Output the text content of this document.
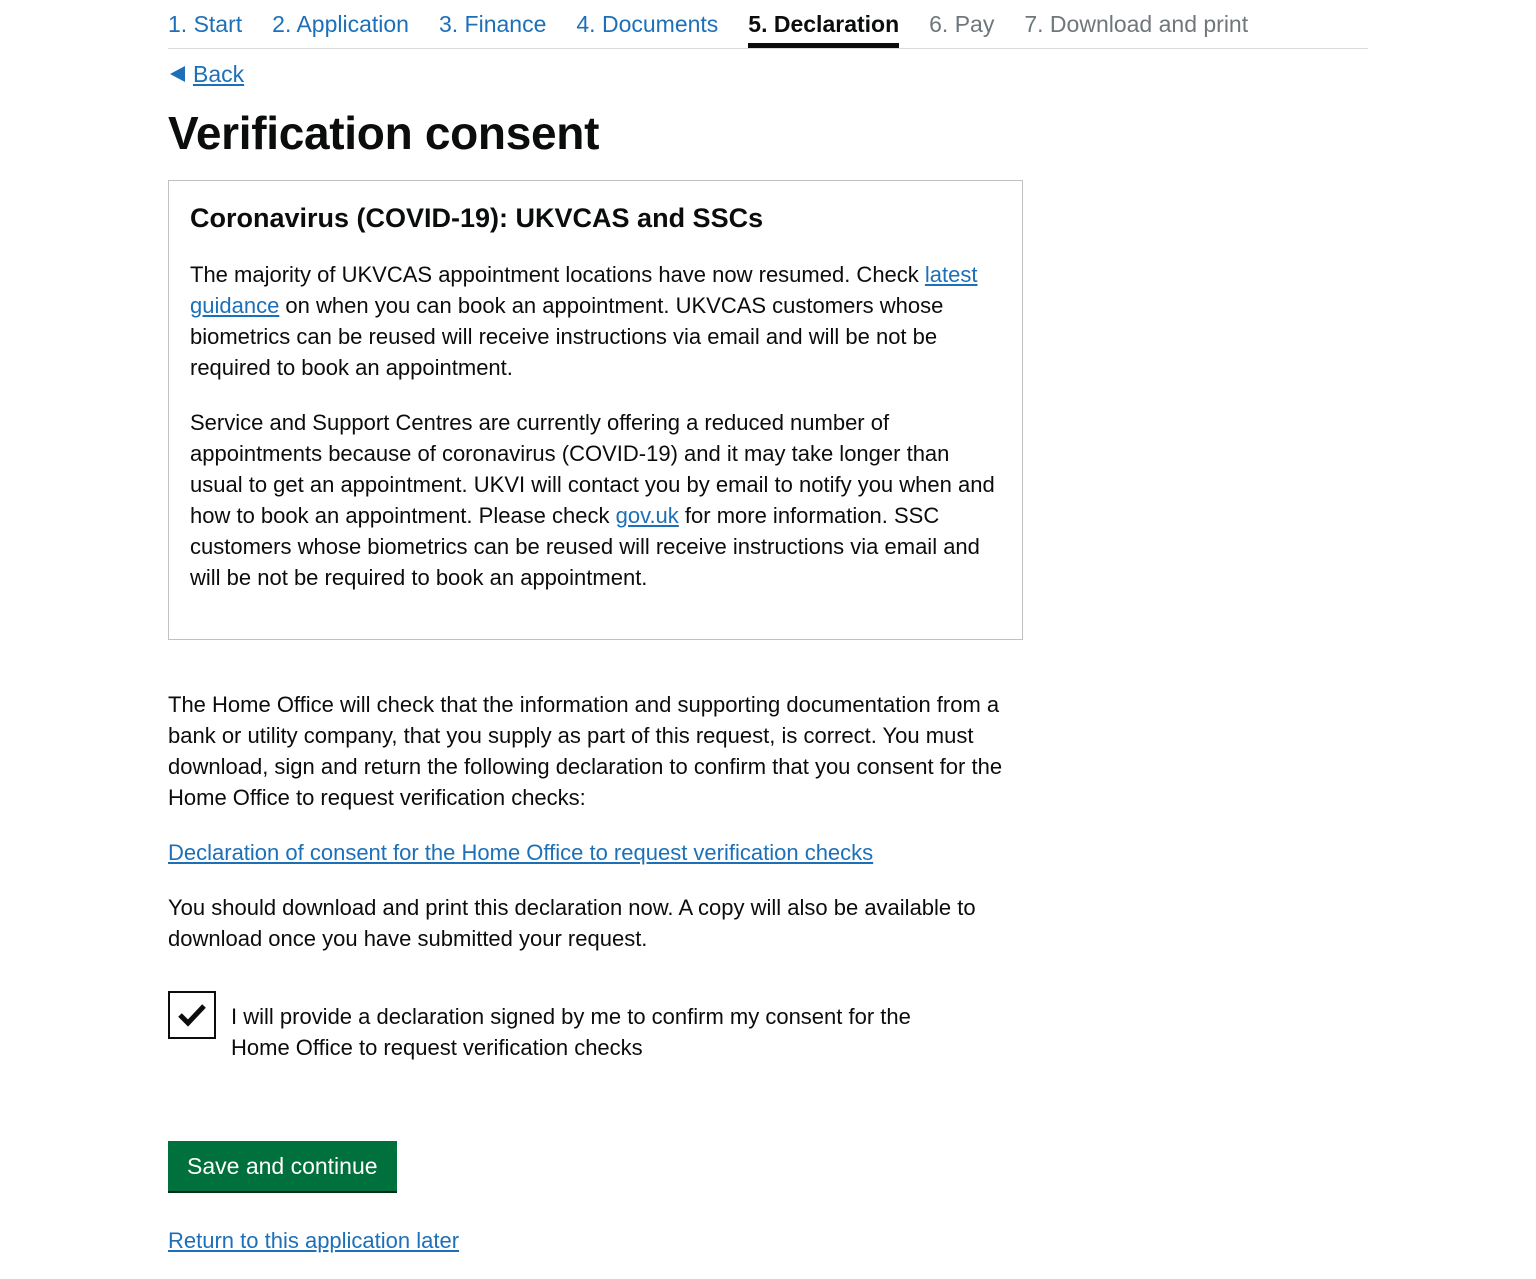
1. Start 2. Application 3. Finance 4. Documents 5. Declaration 6. Pay 7. Download and print
Back
Verification consent
Coronavirus (COVID-19): UKVCAS and SSCs

The majority of UKVCAS appointment locations have now resumed. Check latest guidance on when you can book an appointment. UKVCAS customers whose biometrics can be reused will receive instructions via email and will be not be required to book an appointment.

Service and Support Centres are currently offering a reduced number of appointments because of coronavirus (COVID-19) and it may take longer than usual to get an appointment. UKVI will contact you by email to notify you when and how to book an appointment. Please check gov.uk for more information. SSC customers whose biometrics can be reused will receive instructions via email and will be not be required to book an appointment.

The Home Office will check that the information and supporting documentation from a bank or utility company, that you supply as part of this request, is correct. You must download, sign and return the following declaration to confirm that you consent for the Home Office to request verification checks:

Declaration of consent for the Home Office to request verification checks

You should download and print this declaration now. A copy will also be available to download once you have submitted your request.

I will provide a declaration signed by me to confirm my consent for the Home Office to request verification checks
Save and continue
Return to this application later
